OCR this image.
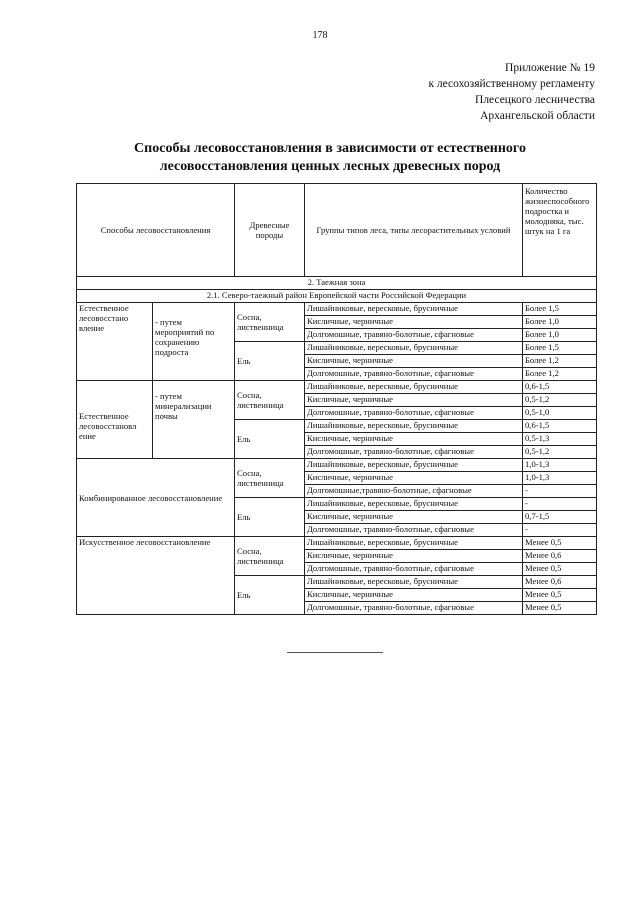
178
Приложение № 19
к лесохозяйственному регламенту
Плесецкого лесничества
Архангельской области
Способы лесовосстановления в зависимости от естественного
лесовосстановления ценных лесных древесных пород
Способы лесовосстановления		Древесные породы	Группы типов леса, типы лесорастительных условий	Количество жизнеспособного подростка и молодняка, тыс. штук на 1 га
2. Таежная зона				
2.1. Северо-таежный район Европейской части Российской Федерации				
Естественное лесовосстано вление	- путем мероприятий по сохранению подроста	Сосна, лиственница	Лишайниковые, вересковые, брусничные	Более 1,5
			Кисличные, черничные	Более 1,0
			Долгомошные, травяно-болотные, сфагновые	Более 1,0
		Ель	Лишайниковые, вересковые, брусничные	Более 1,5
			Кисличные, черничные	Более 1,2
			Долгомошные, травяно-болотные, сфагновые	Более 1,2
Естественное лесовосстановл ение	- путем минерализации почвы	Сосна, лиственница	Лишайниковые, вересковые, брусничные	0,6-1,5
			Кисличные, черничные	0,5-1,2
			Долгомошные, травяно-болотные, сфагновые	0,5-1,0
		Ель	Лишайниковые, вересковые, брусничные	0,6-1,5
			Кисличные, черничные	0,5-1,3
			Долгомошные, травяно-болотные, сфагновые	0,5-1,2
Комбинированное лесовосстановление		Сосна, лиственница	Лишайниковые, вересковые, брусничные	1,0-1,3
			Кисличные, черничные	1,0-1,3
			Долгомошные,травяно-болотные, сфагновые	-
		Ель	Лишайниковые, вересковые, брусничные	-
			Кисличные, черничные	0,7-1,5
			Долгомошные, травяно-болотные, сфагновые	-
Искусственное лесовосстановление		Сосна, лиственница	Лишайниковые, вересковые, брусничные	Менее 0,5
			Кисличные, черничные	Менее 0,6
			Долгомошные, травяно-болотные, сфагновые	Менее 0,5
		Ель	Лишайниковые, вересковые, брусничные	Менее 0,6
			Кисличные, черничные	Менее 0,5
			Долгомошные, травяно-болотные, сфагновые	Менее 0,5
